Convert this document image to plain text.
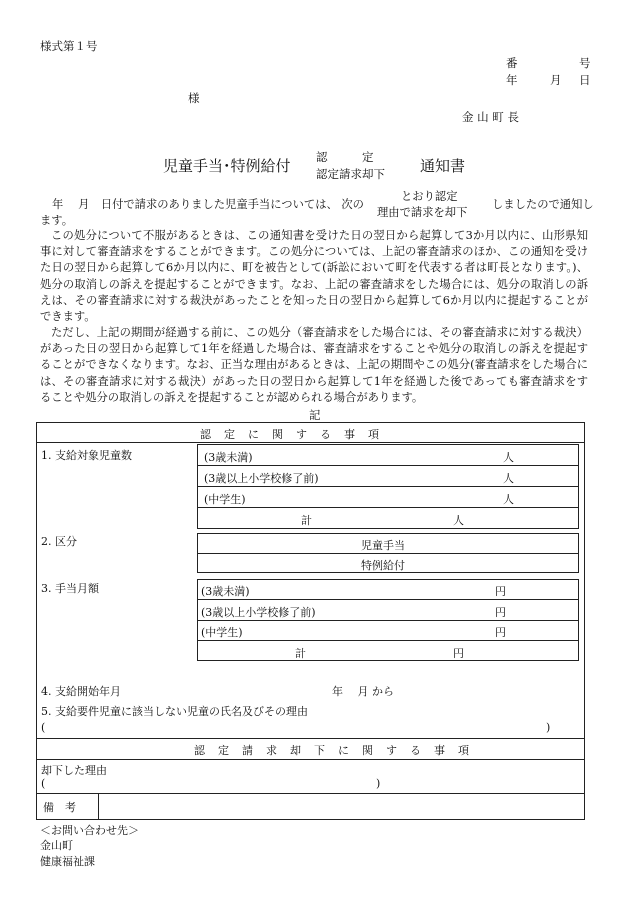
様式第１号
番	号
年	月 日
様
金 山 町 長
児童手当･特例給付 認　　　定
認定請求却下 通知書
年　 月　日付で請求のありました児童手当については、 次の
とおり認定
理由で請求を却下
しましたので通知し
ます。
この処分について不服があるときは、この通知書を受けた日の翌日から起算して3か月以内に、山形県知事に対して審査請求をすることができます。この処分については、上記の審査請求のほか、この通知を受けた日の翌日から起算して6か月以内に、町を被告として(訴訟において町を代表する者は町長となります。)、処分の取消しの訴えを提起することができます。なお、上記の審査請求をした場合には、処分の取消しの訴えは、その審査請求に対する裁決があったことを知った日の翌日から起算して6か月以内に提起することができます。
ただし、上記の期間が経過する前に、この処分（審査請求をした場合には、その審査請求に対する裁決）があった日の翌日から起算して1年を経過した場合は、審査請求をすることや処分の取消しの訴えを提起することができなくなります。なお、正当な理由があるときは、上記の期間やこの処分(審査請求をした場合には、その審査請求に対する裁決）があった日の翌日から起算して1年を経過した後であっても審査請求をすることや処分の取消しの訴えを提起することが認められる場合があります。
記
認　定　に　関　す　る　事　項
1. 支給対象児童数	(3歳未満)	人
(3歳以上小学校修了前)	人
(中学生)	人
計	人
2. 区分	児童手当
特例給付
3. 手当月額	(3歳未満)	円
(3歳以上小学校修了前)	円
(中学生)	円
計	円
4. 支給開始年月	年　 月 から
5. 支給要件児童に該当しない児童の氏名及びその理由
(	)
認　定　請　求　却　下　に　関　す　る　事　項
却下した理由
(	)
備　考
＜お問い合わせ先＞
金山町
健康福祉課
